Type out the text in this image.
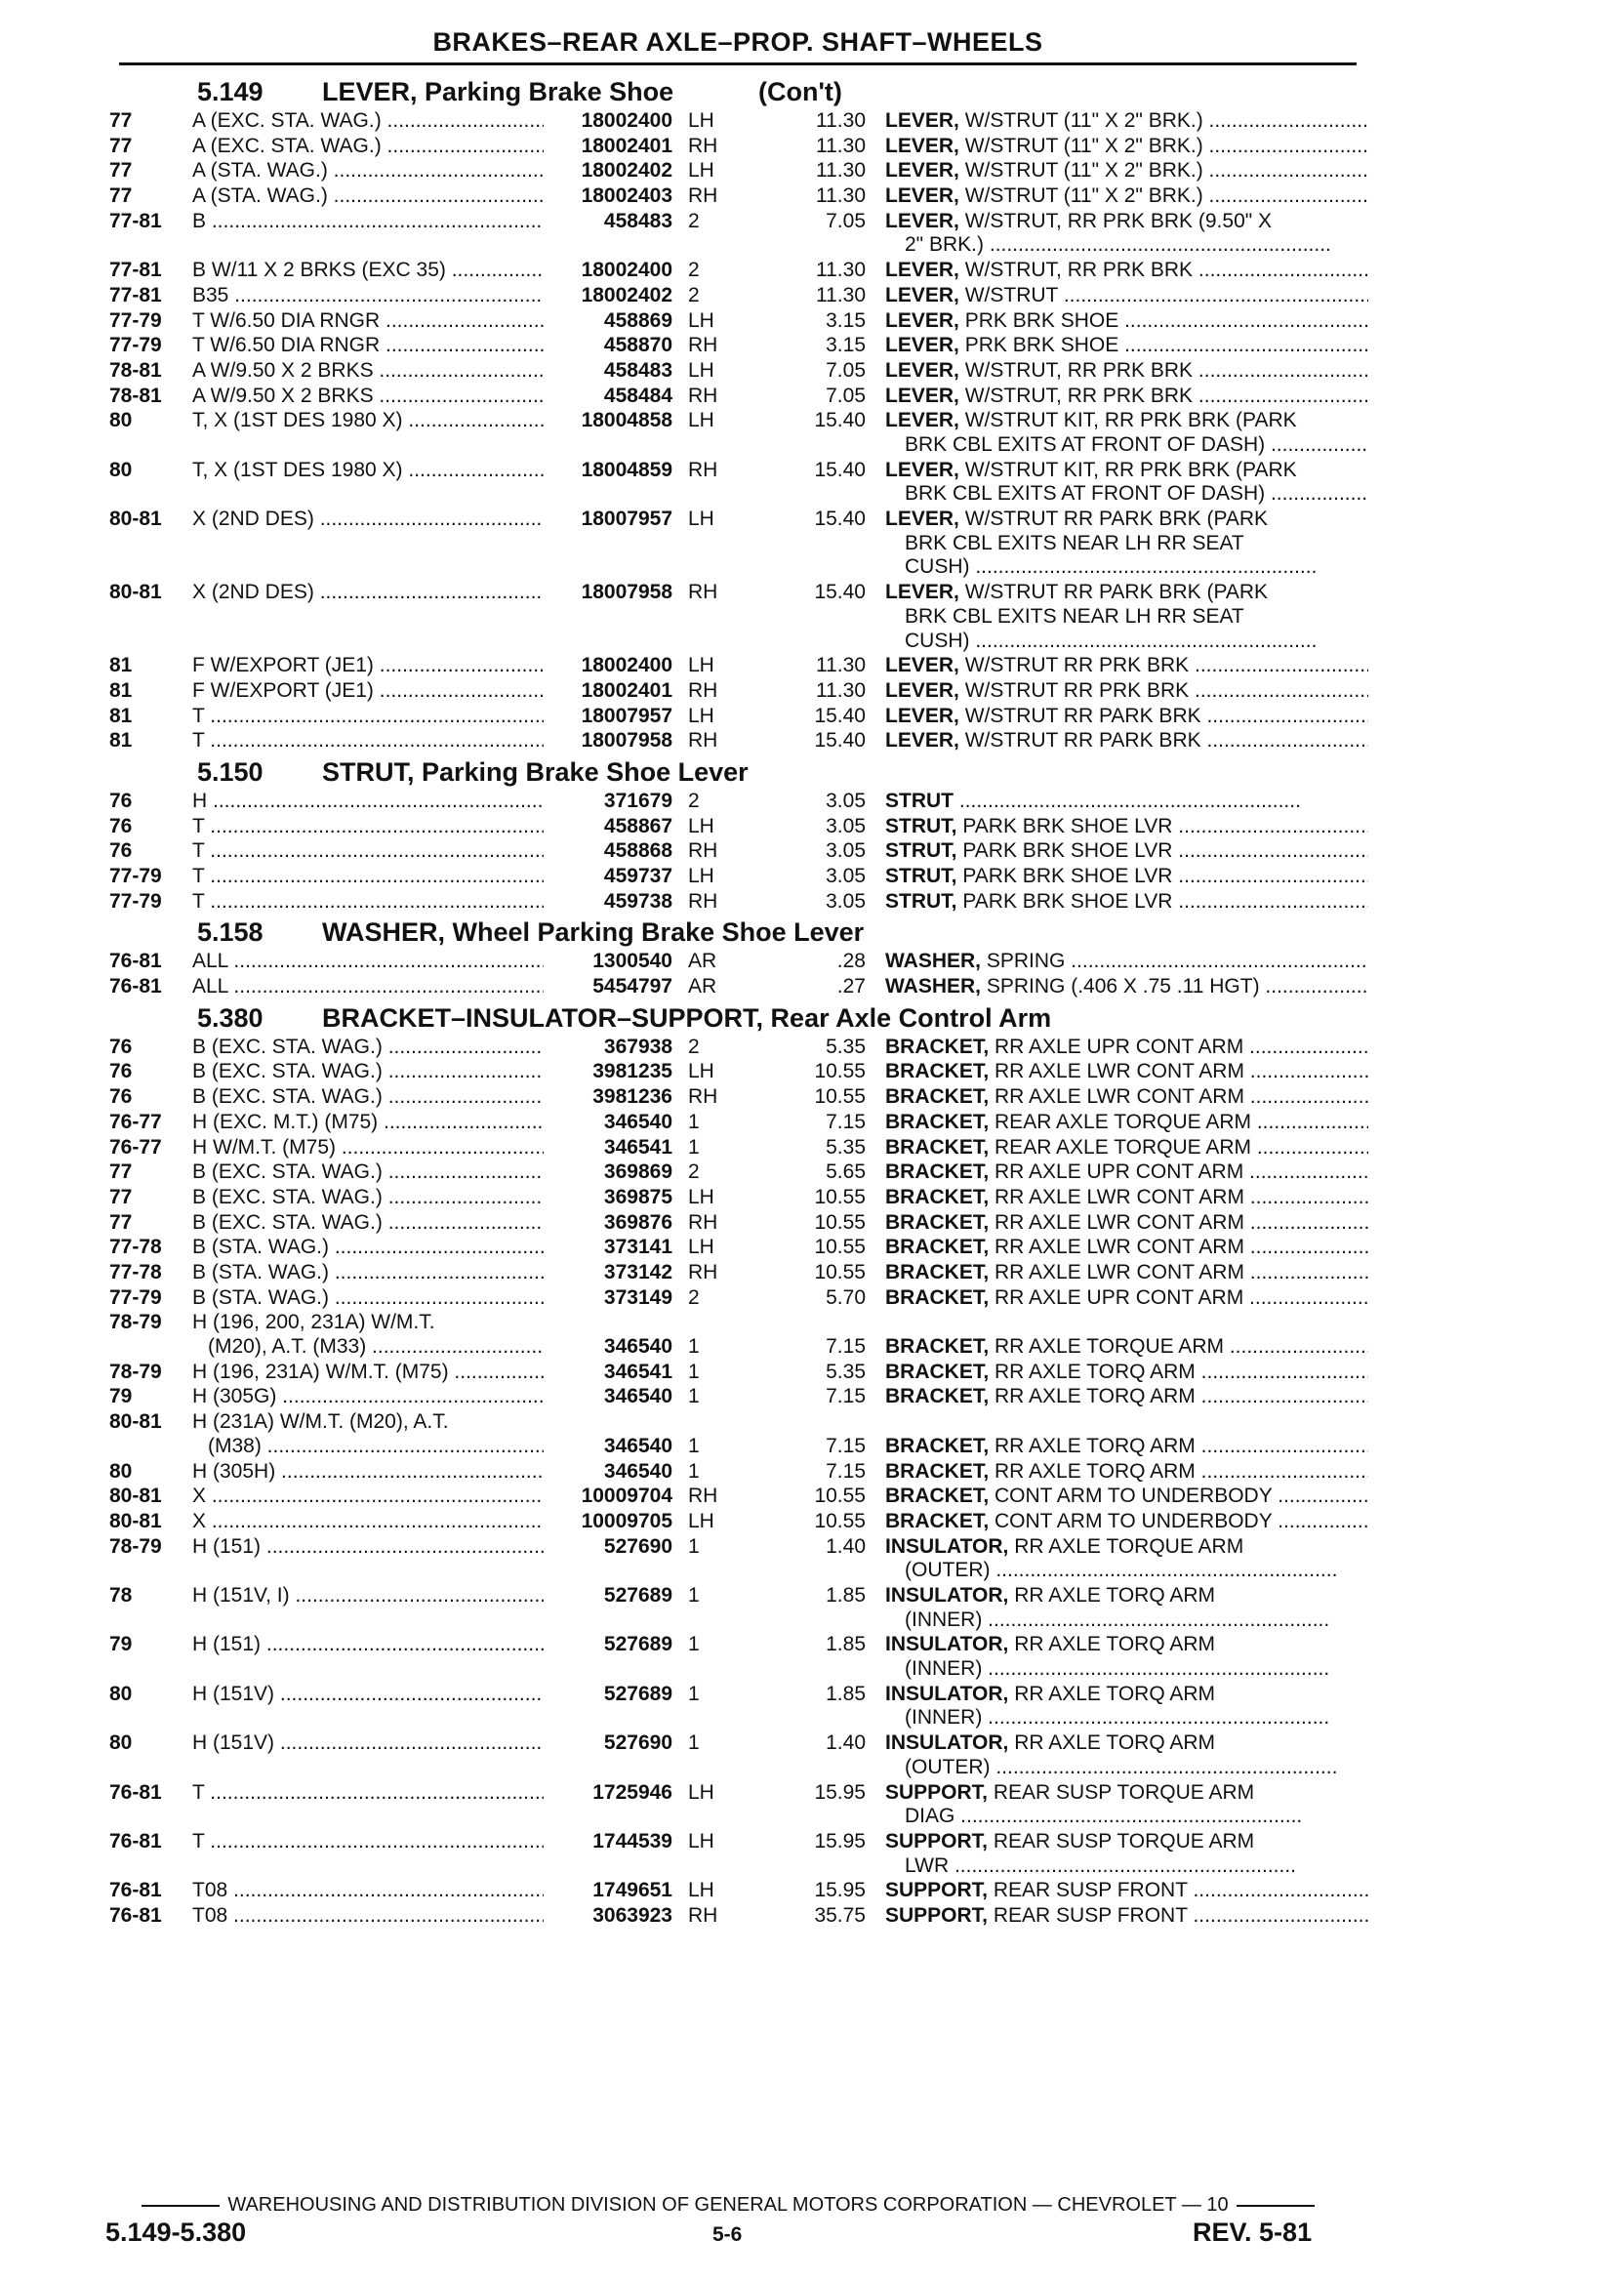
BRAKES–REAR AXLE–PROP. SHAFT–WHEELS
5.149 LEVER, Parking Brake Shoe	(Con't)
77	A (EXC. STA. WAG.) .....	18002400 LH	11.30 LEVER, W/STRUT (11" X 2" BRK.) .....
77	A (EXC. STA. WAG.) .....	18002401 RH	11.30 LEVER, W/STRUT (11" X 2" BRK.) .....
77	A (STA. WAG.) .....	18002402 LH	11.30 LEVER, W/STRUT (11" X 2" BRK.) .....
77	A (STA. WAG.) .....	18002403 RH	11.30 LEVER, W/STRUT (11" X 2" BRK.) .....
77-81	B .....	458483 2	7.05 LEVER, W/STRUT, RR PRK BRK (9.50" X
2" BRK.) .....
77-81	B W/11 X 2 BRKS (EXC 35) .....	18002400 2	11.30 LEVER, W/STRUT, RR PRK BRK .....
77-81	B35 .....	18002402 2	11.30 LEVER, W/STRUT .....
77-79	T W/6.50 DIA RNGR .....	458869 LH	3.15 LEVER, PRK BRK SHOE .....
77-79	T W/6.50 DIA RNGR .....	458870 RH	3.15 LEVER, PRK BRK SHOE .....
78-81	A W/9.50 X 2 BRKS .....	458483 LH	7.05 LEVER, W/STRUT, RR PRK BRK .....
78-81	A W/9.50 X 2 BRKS .....	458484 RH	7.05 LEVER, W/STRUT, RR PRK BRK .....
80	T, X (1ST DES 1980 X) .....	18004858 LH	15.40 LEVER, W/STRUT KIT, RR PRK BRK (PARK
BRK CBL EXITS AT FRONT OF DASH) .....
80	T, X (1ST DES 1980 X) .....	18004859 RH	15.40 LEVER, W/STRUT KIT, RR PRK BRK (PARK
BRK CBL EXITS AT FRONT OF DASH) .....
80-81	X (2ND DES) .....	18007957 LH	15.40 LEVER, W/STRUT RR PARK BRK (PARK
BRK CBL EXITS NEAR LH RR SEAT
CUSH) .....
80-81	X (2ND DES) .....	18007958 RH	15.40 LEVER, W/STRUT RR PARK BRK (PARK
BRK CBL EXITS NEAR LH RR SEAT
CUSH) .....
81	F W/EXPORT (JE1) .....	18002400 LH	11.30 LEVER, W/STRUT RR PRK BRK .....
81	F W/EXPORT (JE1) .....	18002401 RH	11.30 LEVER, W/STRUT RR PRK BRK .....
81	T .....	18007957 LH	15.40 LEVER, W/STRUT RR PARK BRK .....
81	T .....	18007958 RH	15.40 LEVER, W/STRUT RR PARK BRK .....
5.150 STRUT, Parking Brake Shoe Lever
76	H .....	371679 2	3.05 STRUT .....
76	T .....	458867 LH	3.05 STRUT, PARK BRK SHOE LVR .....
76	T .....	458868 RH	3.05 STRUT, PARK BRK SHOE LVR .....
77-79	T .....	459737 LH	3.05 STRUT, PARK BRK SHOE LVR .....
77-79	T .....	459738 RH	3.05 STRUT, PARK BRK SHOE LVR .....
5.158 WASHER, Wheel Parking Brake Shoe Lever
76-81	ALL .....	1300540 AR	.28 WASHER, SPRING .....
76-81	ALL .....	5454797 AR	.27 WASHER, SPRING (.406 X .75 .11 HGT) .....
5.380 BRACKET–INSULATOR–SUPPORT, Rear Axle Control Arm
76	B (EXC. STA. WAG.) .....	367938 2	5.35 BRACKET, RR AXLE UPR CONT ARM .....
76	B (EXC. STA. WAG.) .....	3981235 LH	10.55 BRACKET, RR AXLE LWR CONT ARM .....
76	B (EXC. STA. WAG.) .....	3981236 RH	10.55 BRACKET, RR AXLE LWR CONT ARM .....
76-77	H (EXC. M.T.) (M75) .....	346540 1	7.15 BRACKET, REAR AXLE TORQUE ARM .....
76-77	H W/M.T. (M75) .....	346541 1	5.35 BRACKET, REAR AXLE TORQUE ARM .....
77	B (EXC. STA. WAG.) .....	369869 2	5.65 BRACKET, RR AXLE UPR CONT ARM .....
77	B (EXC. STA. WAG.) .....	369875 LH	10.55 BRACKET, RR AXLE LWR CONT ARM .....
77	B (EXC. STA. WAG.) .....	369876 RH	10.55 BRACKET, RR AXLE LWR CONT ARM .....
77-78	B (STA. WAG.) .....	373141 LH	10.55 BRACKET, RR AXLE LWR CONT ARM .....
77-78	B (STA. WAG.) .....	373142 RH	10.55 BRACKET, RR AXLE LWR CONT ARM .....
77-79	B (STA. WAG.) .....	373149 2	5.70 BRACKET, RR AXLE UPR CONT ARM .....
78-79	H (196, 200, 231A) W/M.T.
(M20), A.T. (M33) .....	346540 1	7.15 BRACKET, RR AXLE TORQUE ARM .....
78-79	H (196, 231A) W/M.T. (M75) .....	346541 1	5.35 BRACKET, RR AXLE TORQ ARM .....
79	H (305G) .....	346540 1	7.15 BRACKET, RR AXLE TORQ ARM .....
80-81	H (231A) W/M.T. (M20), A.T.
(M38) .....	346540 1	7.15 BRACKET, RR AXLE TORQ ARM .....
80	H (305H) .....	346540 1	7.15 BRACKET, RR AXLE TORQ ARM .....
80-81	X .....	10009704 RH	10.55 BRACKET, CONT ARM TO UNDERBODY .....
80-81	X .....	10009705 LH	10.55 BRACKET, CONT ARM TO UNDERBODY .....
78-79	H (151) .....	527690 1	1.40 INSULATOR, RR AXLE TORQUE ARM
(OUTER) .....
78	H (151V, I) .....	527689 1	1.85 INSULATOR, RR AXLE TORQ ARM
(INNER) .....
79	H (151) .....	527689 1	1.85 INSULATOR, RR AXLE TORQ ARM
(INNER) .....
80	H (151V) .....	527689 1	1.85 INSULATOR, RR AXLE TORQ ARM
(INNER) .....
80	H (151V) .....	527690 1	1.40 INSULATOR, RR AXLE TORQ ARM
(OUTER) .....
76-81	T .....	1725946 LH	15.95 SUPPORT, REAR SUSP TORQUE ARM
DIAG .....
76-81	T .....	1744539 LH	15.95 SUPPORT, REAR SUSP TORQUE ARM
LWR .....
76-81	T08 .....	1749651 LH	15.95 SUPPORT, REAR SUSP FRONT .....
76-81	T08 .....	3063923 RH	35.75 SUPPORT, REAR SUSP FRONT .....
WAREHOUSING AND DISTRIBUTION DIVISION OF GENERAL MOTORS CORPORATION — CHEVROLET — 10
5.149-5.380	5-6	REV. 5-81
